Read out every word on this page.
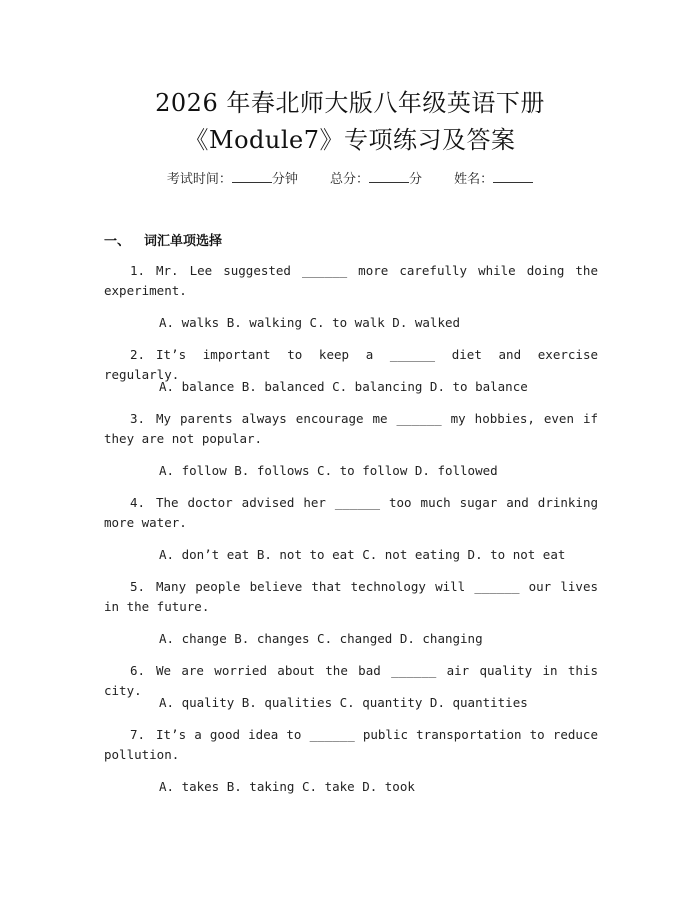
2026 年春北师大版八年级英语下册
《Module7》专项练习及答案
考试时间：	分钟 总分：	分 姓名：
一、 词汇单项选择
1. Mr. Lee suggested ______ more carefully while doing the experiment.
A. walks B. walking C. to walk D. walked
2. It’s important to keep a ______ diet and exercise regularly.
A. balance B. balanced C. balancing D. to balance
3. My parents always encourage me ______ my hobbies, even if they are not popular.
A. follow B. follows C. to follow D. followed
4. The doctor advised her ______ too much sugar and drinking more water.
A. don’t eat B. not to eat C. not eating D. to not eat
5. Many people believe that technology will ______ our lives in the future.
A. change B. changes C. changed D. changing
6. We are worried about the bad ______ air quality in this city.
A. quality B. qualities C. quantity D. quantities
7. It’s a good idea to ______ public transportation to reduce pollution.
A. takes B. taking C. take D. took
